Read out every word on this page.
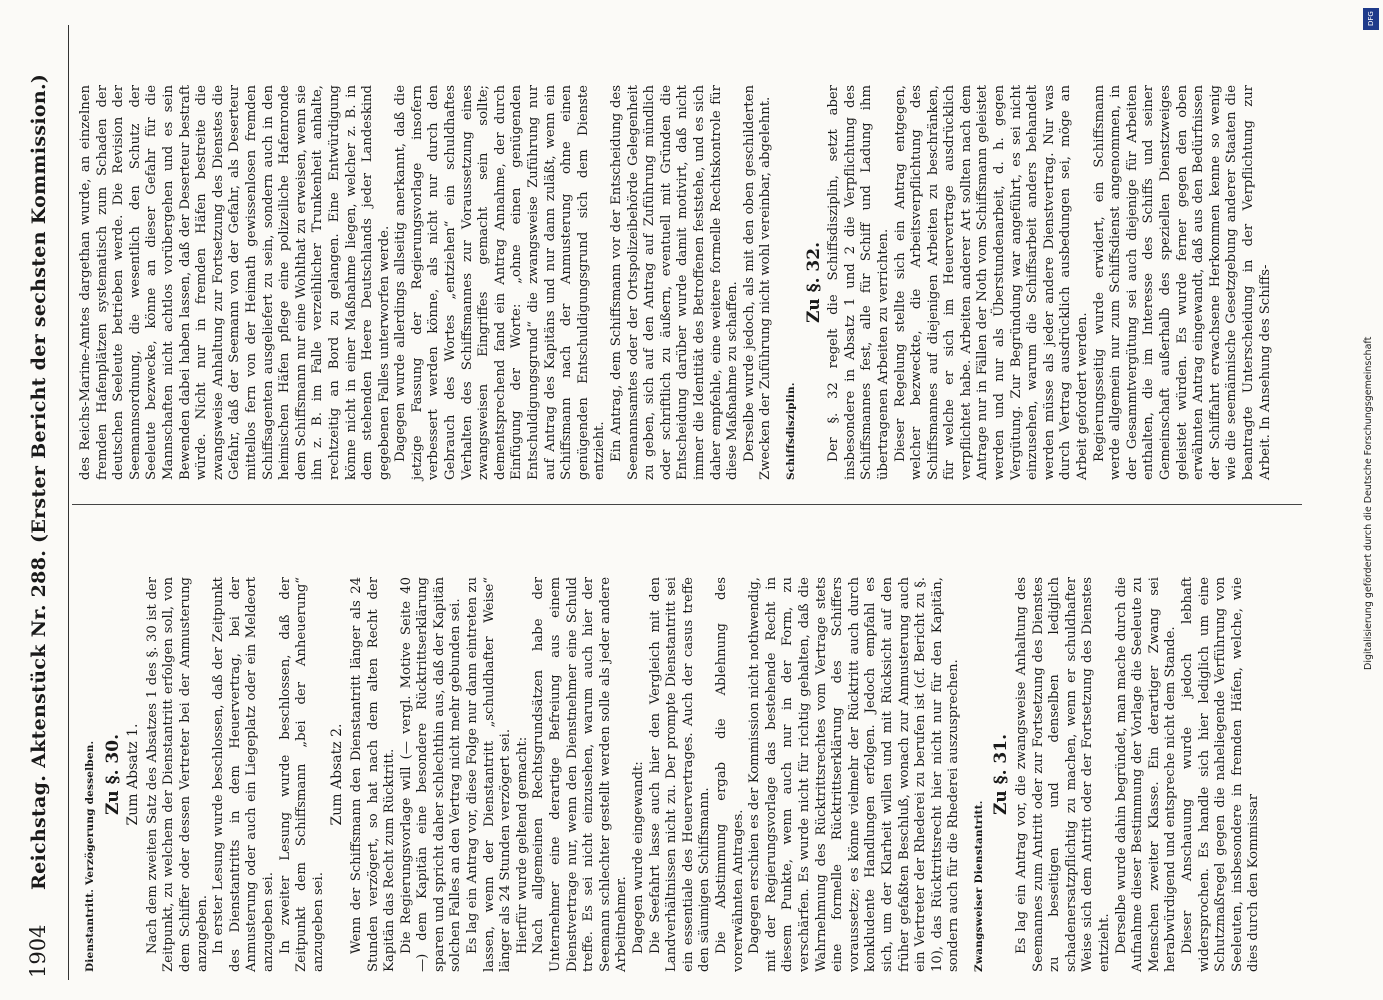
1904
Reichstag. Aktenstück Nr. 288. (Erster Bericht der sechsten Kommission.)	Dienstantritt. Verzögerung desselben. Zu §. 30. Zum Absatz 1. Nach dem zweiten Satz des Absatzes 1 des §. 30 ist der Zeitpunkt, zu welchem der Dienstantritt erfolgen soll, von dem Schiffer oder dessen Vertreter bei der Anmusterung anzugeben. In erster Lesung wurde beschlossen, daß der Zeitpunkt des Dienstantritts in dem Heuervertrag, bei der Anmusterung oder auch ein Liegeplatz oder ein Meldeort anzugeben sei. In zweiter Lesung wurde beschlossen, daß der Zeitpunkt dem Schiffsmann „bei der Anheuerung“ anzugeben sei.

Zum Absatz 2. Wenn der Schiffsmann den Dienstantritt länger als 24 Stunden verzögert, so hat nach dem alten Recht der Kapitän das Recht zum Rücktritt. Die Regierungsvorlage will (— vergl. Motive Seite 40 —) dem Kapitän eine besondere Rücktrittserklärung sparen und spricht daher schlechthin aus, daß der Kapitän solchen Falles an den Vertrag nicht mehr gebunden sei. Es lag ein Antrag vor, diese Folge nur dann eintreten zu lassen, wenn der Dienstantritt „schuldhafter Weise“ länger als 24 Stunden verzögert sei. Hierfür wurde geltend gemacht: Nach allgemeinen Rechtsgrundsätzen habe der Unternehmer eine derartige Befreiung aus einem Dienstvertrage nur, wenn den Dienstnehmer eine Schuld treffe. Es sei nicht einzusehen, warum auch hier der Seemann schlechter gestellt werden solle als jeder andere Arbeitnehmer. Dagegen wurde eingewandt: Die Seefahrt lasse auch hier den Vergleich mit den Landverhältnissen nicht zu. Der prompte Dienstantritt sei ein essentiale des Heuervertrages. Auch der casus treffe den säumigen Schiffsmann. Die Abstimmung ergab die Ablehnung des vorerwähnten Antrages. Dagegen erschien es der Kommission nicht nothwendig, mit der Regierungsvorlage das bestehende Recht in diesem Punkte, wenn auch nur in der Form, zu verschärfen. Es wurde nicht für richtig gehalten, daß die Wahrnehmung des Rücktrittsrechtes vom Vertrage stets eine formelle Rücktrittserklärung des Schiffers voraussetze; es könne vielmehr der Rücktritt auch durch konkludente Handlungen erfolgen. Jedoch empfahl es sich, um der Klarheit willen und mit Rücksicht auf den früher gefaßten Beschluß, wonach zur Anmusterung auch ein Vertreter der Rhederei zu berufen ist (cf. Bericht zu §. 10), das Rücktrittsrecht hier nicht nur für den Kapitän, sondern auch für die Rhederei auszusprechen. Zwangsweiser Dienstantritt.
Zu §. 31. Es lag ein Antrag vor, die zwangsweise Anhaltung des Seemannes zum Antritt oder zur Fortsetzung des Dienstes zu beseitigen und denselben lediglich schadenersatzpflichtig zu machen, wenn er schuldhafter Weise sich dem Antritt oder der Fortsetzung des Dienstes entzieht. Derselbe wurde dahin begründet, man mache durch die Aufnahme dieser Bestimmung der Vorlage die Seeleute zu Menschen zweiter Klasse. Ein derartiger Zwang sei herabwürdigend und entspreche nicht dem Stande. Dieser Anschauung wurde jedoch lebhaft widersprochen. Es handle sich hier lediglich um eine Schutzmaßregel gegen die naheliegende Verführung von Seeleuten, insbesondere in fremden Häfen, welche, wie dies durch den Kommissar

des Reichs-Marine-Amtes dargethan wurde, an einzelnen fremden Hafenplätzen systematisch zum Schaden der deutschen Seeleute betrieben werde. Die Revision der Seemannsordnung, die wesentlich den Schutz der Seeleute bezwecke, könne an dieser Gefahr für die Mannschaften nicht achtlos vorübergehen und es sein Bewenden dabei haben lassen, daß der Deserteur bestraft würde. Nicht nur in fremden Häfen bestreite die zwangsweise Anhaltung zur Fortsetzung des Dienstes die Gefahr, daß der Seemann von der Gefahr, als Deserteur mittellos fern von der Heimath gewissenlosen fremden Schiffsagenten ausgeliefert zu sein, sondern auch in den heimischen Häfen pflege eine polizeiliche Hafenronde dem Schiffsmann nur eine Wohlthat zu erweisen, wenn sie ihn z. B. im Falle verzeihlicher Trunkenheit anhalte, rechtzeitig an Bord zu gelangen. Eine Entwürdigung könne nicht in einer Maßnahme liegen, welcher z. B. in dem stehenden Heere Deutschlands jeder Landeskind gegebenen Falles unterworfen werde. Dagegen wurde allerdings allseitig anerkannt, daß die jetzige Fassung der Regierungsvorlage insofern verbessert werden könne, als nicht nur durch den Gebrauch des Wortes „entziehen“ ein schuldhaftes Verhalten des Schiffsmannes zur Voraussetzung eines zwangsweisen Eingriffes gemacht sein sollte; dementsprechend fand ein Antrag Annahme, der durch Einfügung der Worte: „ohne einen genügenden Entschuldigungsgrund“ die zwangsweise Zuführung nur auf Antrag des Kapitäns und nur dann zuläßt, wenn ein Schiffsmann nach der Anmusterung ohne einen genügenden Entschuldigungsgrund sich dem Dienste entzieht. Ein Antrag, dem Schiffsmann vor der Entscheidung des Seemannsamtes oder der Ortspolizeibehörde Gelegenheit zu geben, sich auf den Antrag auf Zuführung mündlich oder schriftlich zu äußern, eventuell mit Gründen die Entscheidung darüber wurde damit motivirt, daß nicht immer die Identität des Betroffenen feststehe, und es sich daher empfehle, eine weitere formelle Rechtskontrole für diese Maßnahme zu schaffen. Derselbe wurde jedoch, als mit den oben geschilderten Zwecken der Zuführung nicht wohl vereinbar, abgelehnt. Schiffsdisziplin.
Zu §. 32. Der §. 32 regelt die Schiffsdisziplin, setzt aber insbesondere in Absatz 1 und 2 die Verpflichtung des Schiffsmannes fest, alle für Schiff und Ladung ihm übertragenen Arbeiten zu verrichten. Dieser Regelung stellte sich ein Antrag entgegen, welcher bezweckte, die Arbeitsverpflichtung des Schiffsmannes auf diejenigen Arbeiten zu beschränken, für welche er sich im Heuervertrage ausdrücklich verpflichtet habe. Arbeiten anderer Art sollten nach dem Antrage nur in Fällen der Noth vom Schiffsmann geleistet werden und nur als Überstundenarbeit, d. h. gegen Vergütung. Zur Begründung war angeführt, es sei nicht einzusehen, warum die Schiffsarbeit anders behandelt werden müsse als jeder andere Dienstvertrag. Nur was durch Vertrag ausdrücklich ausbedungen sei, möge an Arbeit gefordert werden. Regierungsseitig wurde erwidert, ein Schiffsmann werde allgemein nur zum Schiffsdienst angenommen, in der Gesammtvergütung sei auch diejenige für Arbeiten enthalten, die im Interesse des Schiffs und seiner Gemeinschaft außerhalb des speziellen Dienstzweiges geleistet würden. Es wurde ferner gegen den oben erwähnten Antrag eingewandt, daß aus den Bedürfnissen der Schiffahrt erwachsene Herkommen kenne so wenig wie die seemännische Gesetzgebung anderer Staaten die beantragte Unterscheidung in der Verpflichtung zur Arbeit. In Ansehung des Schiffs-

DFG
Digitalisierung gefördert durch die Deutsche Forschungsgemeinschaft
